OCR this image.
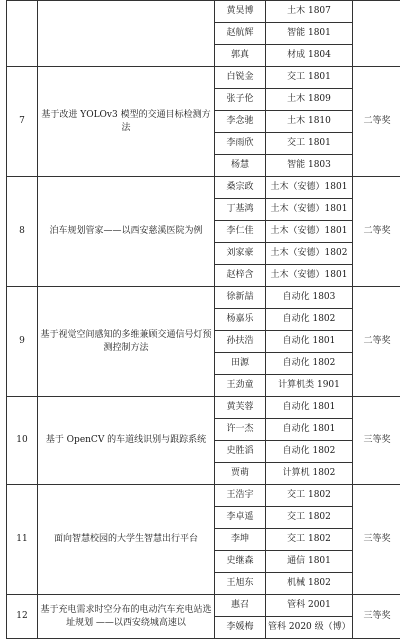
		黄昊博	土木 1807	
		赵航辉	智能 1801	
		郭真	材成 1804	
7	基于改进 YOLOv3 模型的交通目标检测方法	白锐金	交工 1801	二等奖
		张子伦	土木 1809	
		李念驰	土木 1810	
		李雨欣	交工 1801	
		杨慧	智能 1803	
8	泊车规划管家——以西安慈溪医院为例	桑宗政	土木（安德）1801	二等奖
		丁基鸿	土木（安德）1801	
		李仁佳	土木（安德）1801	
		刘家豪	土木（安德）1802	
		赵梓含	土木（安德）1801	
9	基于视觉空间感知的多维兼顾交通信号灯预测控制方法	徐新喆	自动化 1803	二等奖
		杨嘉乐	自动化 1802	
		孙扶浩	自动化 1801	
		田源	自动化 1802	
		王劲童	计算机类 1901	
10	基于 OpenCV 的车道线识别与跟踪系统	黄芙蓉	自动化 1801	三等奖
		许一杰	自动化 1801	
		史胜滔	自动化 1802	
		贾萌	计算机 1802	
11	面向智慧校园的大学生智慧出行平台	王浩宇	交工 1802	三等奖
		李卓遥	交工 1802	
		李坤	交工 1802	
		史继森	通信 1801	
		王旭东	机械 1802	
12	基于充电需求时空分布的电动汽车充电站选址规划 ——以西安绕城高速以	惠召	管科 2001	三等奖
		李媛梅	管科 2020 级（博）	
